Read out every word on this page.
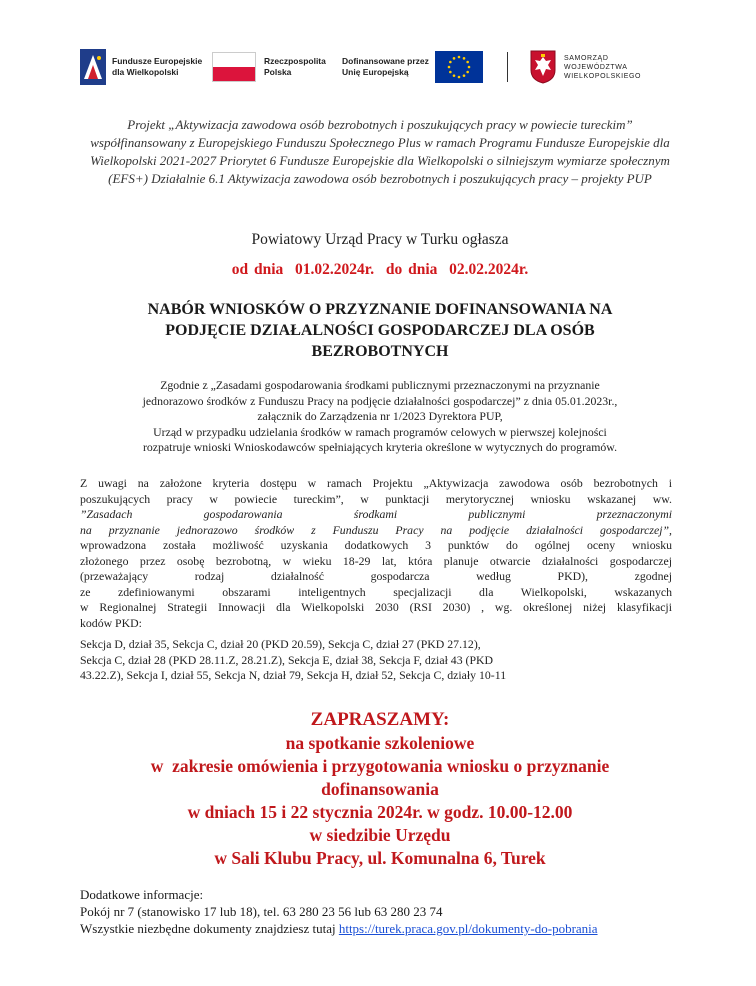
Fundusze Europejskie
dla Wielkopolski
Rzeczpospolita
Polska
Dofinansowane przez
Unię Europejską
SAMORZĄD
WOJEWÓDZTWA
WIELKOPOLSKIEGO
Projekt „Aktywizacja zawodowa osób bezrobotnych i poszukujących pracy w powiecie tureckim” współfinansowany z Europejskiego Funduszu Społecznego Plus w ramach Programu Fundusze Europejskie dla Wielkopolski 2021-2027 Priorytet 6 Fundusze Europejskie dla Wielkopolski o silniejszym wymiarze społecznym (EFS+) Działalnie 6.1 Aktywizacja zawodowa osób bezrobotnych i poszukujących pracy – projekty PUP
Powiatowy Urząd Pracy w Turku ogłasza
od dnia  01.02.2024r.  do dnia  02.02.2024r.
NABÓR WNIOSKÓW O PRZYZNANIE DOFINANSOWANIA NA
PODJĘCIE DZIAŁALNOŚCI GOSPODARCZEJ DLA OSÓB
BEZROBOTNYCH
Zgodnie z „Zasadami gospodarowania środkami publicznymi przeznaczonymi na przyznanie
jednorazowo środków z Funduszu Pracy na podjęcie działalności gospodarczej” z dnia 05.01.2023r.,
załącznik do Zarządzenia nr 1/2023 Dyrektora PUP,
Urząd w przypadku udzielania środków w ramach programów celowych w pierwszej kolejności
rozpatruje wnioski Wnioskodawców spełniających kryteria określone w wytycznych do programów.
Z uwagi na założone kryteria dostępu w ramach Projektu „Aktywizacja zawodowa osób bezrobotnych i
poszukujących pracy w powiecie tureckim”, w punktacji merytorycznej wniosku wskazanej ww.
”Zasadach gospodarowania środkami publicznymi przeznaczonymi
na przyznanie jednorazowo środków z Funduszu Pracy na podjęcie działalności gospodarczej”,
wprowadzona została możliwość uzyskania dodatkowych 3 punktów do ogólnej oceny wniosku
złożonego przez osobę bezrobotną, w wieku 18-29 lat, która planuje otwarcie działalności gospodarczej
(przeważający rodzaj działalność gospodarcza według PKD), zgodnej
ze zdefiniowanymi obszarami inteligentnych specjalizacji dla Wielkopolski, wskazanych
w Regionalnej Strategii Innowacji dla Wielkopolski 2030 (RSI 2030) , wg. określonej niżej klasyfikacji
kodów PKD:
Sekcja D, dział 35, Sekcja C, dział 20 (PKD 20.59), Sekcja C, dział 27 (PKD 27.12),
Sekcja C, dział 28 (PKD 28.11.Z, 28.21.Z), Sekcja E, dział 38, Sekcja F, dział 43 (PKD
43.22.Z), Sekcja I, dział 55, Sekcja N, dział 79, Sekcja H, dział 52, Sekcja C, działy 10-11
ZAPRASZAMY:
na spotkanie szkoleniowe
w  zakresie omówienia i przygotowania wniosku o przyznanie
dofinansowania
w dniach 15 i 22 stycznia 2024r. w godz. 10.00-12.00
w siedzibie Urzędu
w Sali Klubu Pracy, ul. Komunalna 6, Turek
Dodatkowe informacje:
Pokój nr 7 (stanowisko 17 lub 18), tel. 63 280 23 56 lub 63 280 23 74
Wszystkie niezbędne dokumenty znajdziesz tutaj https://turek.praca.gov.pl/dokumenty-do-pobrania
